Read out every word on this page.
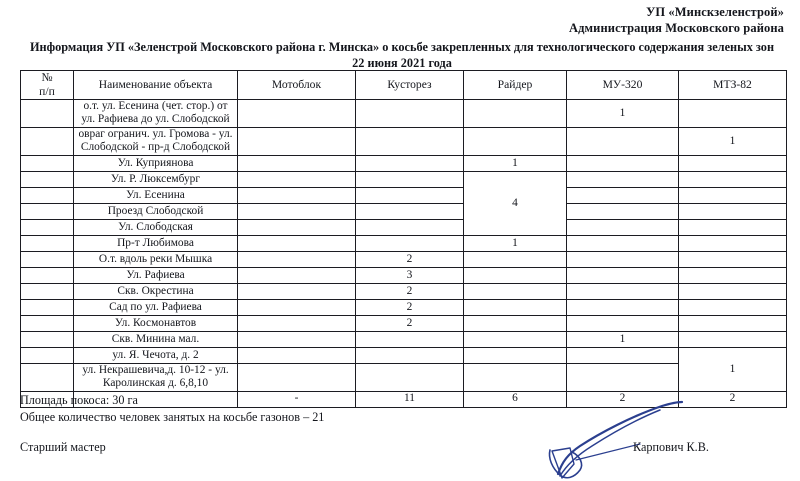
УП «Минскзеленстрой»
Администрация Московского района
Информация УП «Зеленстрой Московского района г. Минска» о косьбе закрепленных для технологического содержания зеленых зон
22 июня 2021 года
№
п/п	Наименование объекта	Мотоблок	Кусторез	Райдер	МУ-320	МТЗ-82
	о.т. ул. Есенина (чет. стор.) от ул. Рафиева до ул. Слободской				1	
	овраг огранич. ул. Громова - ул. Слободской - пр-д Слободской					1
	Ул. Куприянова			1		
	Ул. Р. Люксембург			4		
	Ул. Есенина					
	Проезд Слободской					
	Ул. Слободская					
	Пр-т Любимова			1		
	О.т. вдоль реки Мышка		2			
	Ул. Рафиева		3			
	Скв. Окрестина		2			
	Сад по ул. Рафиева		2			
	Ул. Космонавтов		2			
	Скв. Минина мал.				1	
	ул. Я. Чечота, д. 2					1
	ул. Некрашевича,д. 10-12 - ул. Каролинская д. 6,8,10					
		-	11	6	2	2
Площадь покоса: 30 га
Общее количество человек занятых на косьбе газонов – 21
Старший мастер	Карпович К.В.
